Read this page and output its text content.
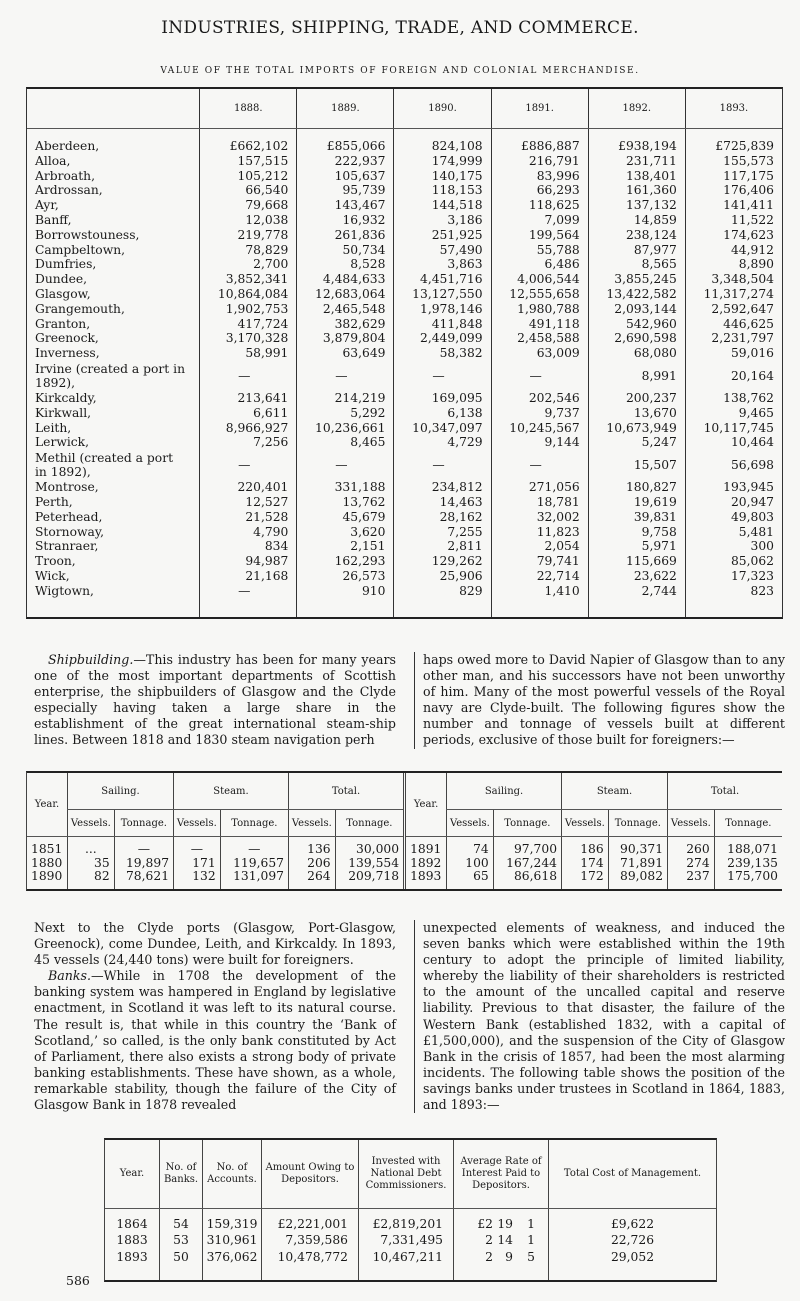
INDUSTRIES, SHIPPING, TRADE, AND COMMERCE.
VALUE OF THE TOTAL IMPORTS OF FOREIGN AND COLONIAL MERCHANDISE.
	1888.	1889.	1890.	1891.	1892.	1893.
Aberdeen,	£662,102	£855,066	824,108	£886,887	£938,194	£725,839
Alloa,	157,515	222,937	174,999	216,791	231,711	155,573
Arbroath,	105,212	105,637	140,175	83,996	138,401	117,175
Ardrossan,	66,540	95,739	118,153	66,293	161,360	176,406
Ayr,	79,668	143,467	144,518	118,625	137,132	141,411
Banff,	12,038	16,932	3,186	7,099	14,859	11,522
Borrowstouness,	219,778	261,836	251,925	199,564	238,124	174,623
Campbeltown,	78,829	50,734	57,490	55,788	87,977	44,912
Dumfries,	2,700	8,528	3,863	6,486	8,565	8,890
Dundee,	3,852,341	4,484,633	4,451,716	4,006,544	3,855,245	3,348,504
Glasgow,	10,864,084	12,683,064	13,127,550	12,555,658	13,422,582	11,317,274
Grangemouth,	1,902,753	2,465,548	1,978,146	1,980,788	2,093,144	2,592,647
Granton,	417,724	382,629	411,848	491,118	542,960	446,625
Greenock,	3,170,328	3,879,804	2,449,099	2,458,588	2,690,598	2,231,797
Inverness,	58,991	63,649	58,382	63,009	68,080	59,016
Irvine (created a port in 1892),	—	—	—	—	8,991	20,164
Kirkcaldy,	213,641	214,219	169,095	202,546	200,237	138,762
Kirkwall,	6,611	5,292	6,138	9,737	13,670	9,465
Leith,	8,966,927	10,236,661	10,347,097	10,245,567	10,673,949	10,117,745
Lerwick,	7,256	8,465	4,729	9,144	5,247	10,464
Methil (created a port in 1892),	—	—	—	—	15,507	56,698
Montrose,	220,401	331,188	234,812	271,056	180,827	193,945
Perth,	12,527	13,762	14,463	18,781	19,619	20,947
Peterhead,	21,528	45,679	28,162	32,002	39,831	49,803
Stornoway,	4,790	3,620	7,255	11,823	9,758	5,481
Stranraer,	834	2,151	2,811	2,054	5,971	300
Troon,	94,987	162,293	129,262	79,741	115,669	85,062
Wick,	21,168	26,573	25,906	22,714	23,622	17,323
Wigtown,	—	910	829	1,410	2,744	823

Shipbuilding.—This industry has been for many years one of the most important departments of Scottish enterprise, the shipbuilders of Glasgow and the Clyde especially having taken a large share in the establishment of the great international steam-ship lines. Between 1818 and 1830 steam navigation perh

haps owed more to David Napier of Glasgow than to any other man, and his successors have not been unworthy of him. Many of the most powerful vessels of the Royal navy are Clyde-built. The following figures show the number and tonnage of vessels built at different periods, exclusive of those built for foreigners:—

Year.	Sailing.		Steam.		Total.		Year.	Sailing.		Steam.		Total.	
	Vessels.	Tonnage.	Vessels.	Tonnage.	Vessels.	Tonnage.		Vessels.	Tonnage.	Vessels.	Tonnage.	Vessels.	Tonnage.
1851	...	—	—	—	136	30,000	1891	74	97,700	186	90,371	260	188,071
1880	35	19,897	171	119,657	206	139,554	1892	100	167,244	174	71,891	274	239,135
1890	82	78,621	132	131,097	264	209,718	1893	65	86,618	172	89,082	237	175,700

Next to the Clyde ports (Glasgow, Port-Glasgow, Greenock), come Dundee, Leith, and Kirkcaldy. In 1893, 45 vessels (24,440 tons) were built for foreigners.

Banks.—While in 1708 the development of the banking system was hampered in England by legislative enactment, in Scotland it was left to its natural course. The result is, that while in this country the ‘Bank of Scotland,’ so called, is the only bank constituted by Act of Parliament, there also exists a strong body of private banking establishments. These have shown, as a whole, remarkable stability, though the failure of the City of Glasgow Bank in 1878 revealed

unexpected elements of weakness, and induced the seven banks which were established within the 19th century to adopt the principle of limited liability, whereby the liability of their shareholders is restricted to the amount of the uncalled capital and reserve liability. Previous to that disaster, the failure of the Western Bank (established 1832, with a capital of £1,500,000), and the suspension of the City of Glasgow Bank in the crisis of 1857, had been the most alarming incidents. The following table shows the position of the savings banks under trustees in Scotland in 1864, 1883, and 1893:—

Year.	No. of Banks.	No. of Accounts.	Amount Owing to Depositors.	Invested with National Debt Commissioners.	Average Rate of Interest Paid to Depositors.	Total Cost of Management.
1864	54	159,319	£2,221,001	£2,819,201	£2 19 1	£9,622
1883	53	310,961	7,359,586	7,331,495	2 14 1	22,726
1893	50	376,062	10,478,772	10,467,211	2 9 5	29,052
586
